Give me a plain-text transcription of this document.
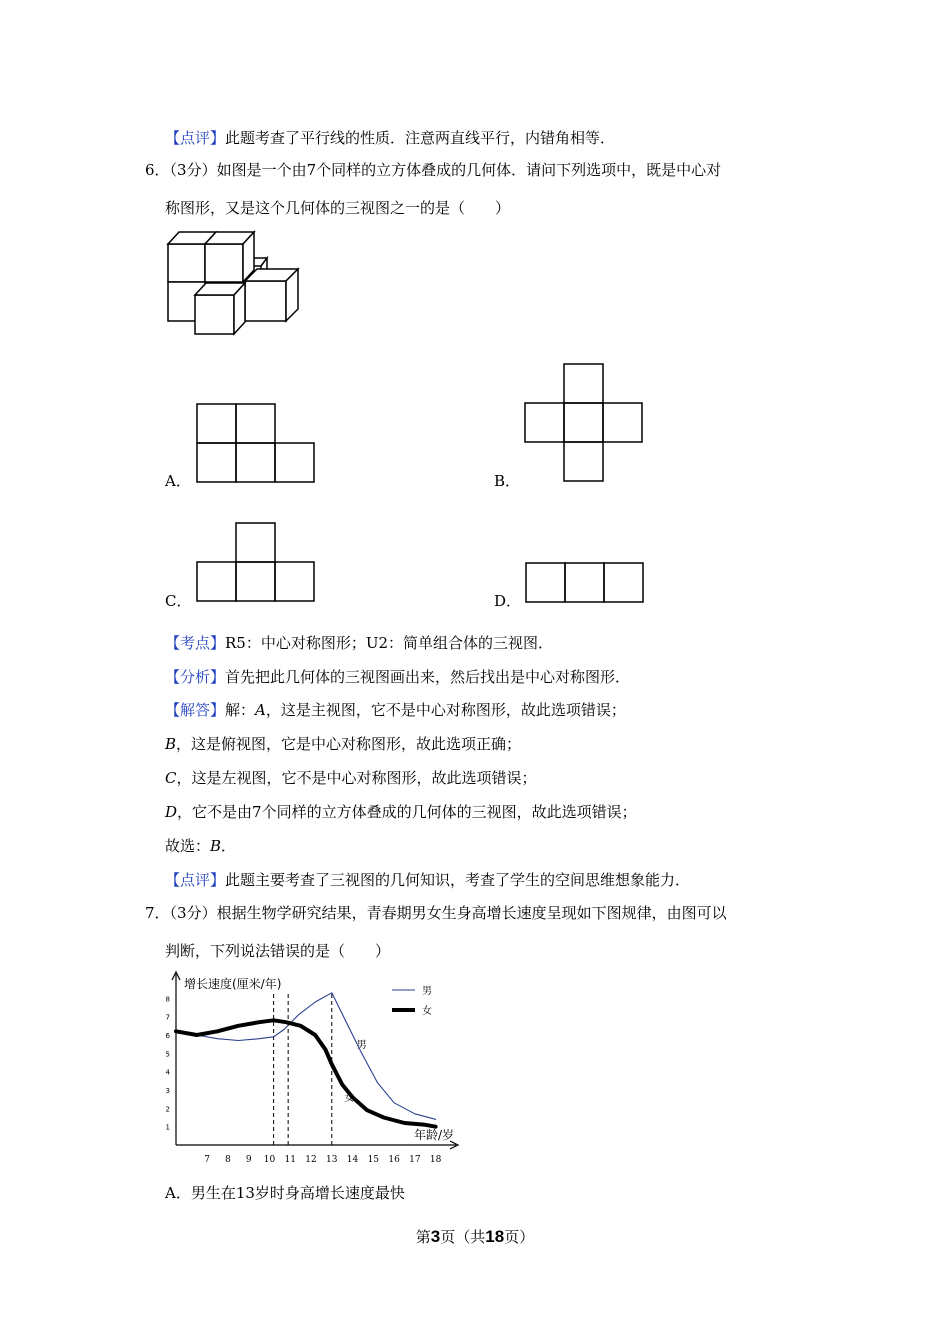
【点评】此题考查了平行线的性质．注意两直线平行，内错角相等．
6．（3分）如图是一个由7个同样的立方体叠成的几何体．请问下列选项中，既是中心对
称图形，又是这个几何体的三视图之一的是（　　）
A．	B．
C．	D．
【考点】R5：中心对称图形；U2：简单组合体的三视图．
【分析】首先把此几何体的三视图画出来，然后找出是中心对称图形．
【解答】解：A，这是主视图，它不是中心对称图形，故此选项错误；
B，这是俯视图，它是中心对称图形，故此选项正确；
C，这是左视图，它不是中心对称图形，故此选项错误；
D，它不是由7个同样的立方体叠成的几何体的三视图，故此选项错误；
故选：B．
【点评】此题主要考查了三视图的几何知识，考查了学生的空间思维想象能力．
7．（3分）根据生物学研究结果，青春期男女生身高增长速度呈现如下图规律，由图可以
判断，下列说法错误的是（　　）
1
2
3
4
5
6
7
8
7 8 9 10 11 12 13 14 15 16 17 18
增长速度(厘米/年)
年龄/岁
男
女
男
女
A．男生在13岁时身高增长速度最快
第3页（共18页）
